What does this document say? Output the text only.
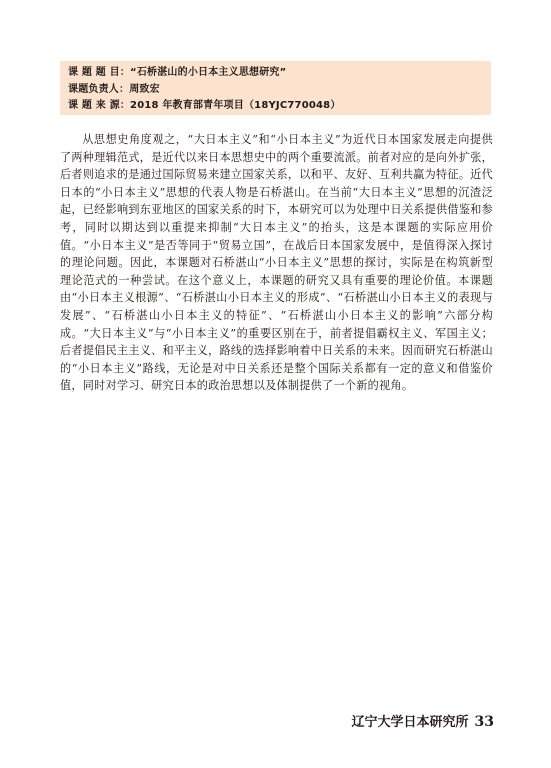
课 题 题 目：“石桥湛山的小日本主义思想研究”
课题负责人：周致宏
课 题 来 源：2018 年教育部青年项目（18YJC770048）
从思想史角度观之，“大日本主义”和“小日本主义”为近代日本国家发展走向提供了两种理辑范式，是近代以来日本思想史中的两个重要流派。前者对应的是向外扩张，后者则追求的是通过国际贸易来建立国家关系，以和平、友好、互利共赢为特征。近代日本的“小日本主义”思想的代表人物是石桥湛山。在当前“大日本主义”思想的沉渣泛起，已经影响到东亚地区的国家关系的时下，本研究可以为处理中日关系提供借鉴和参考，同时以期达到以重提来抑制“大日本主义”的抬头，这是本课题的实际应用价值。“小日本主义”是否等同于“贸易立国”，在战后日本国家发展中，是值得深入探讨的理论问题。因此，本课题对石桥湛山“小日本主义”思想的探讨，实际是在构筑新型理论范式的一种尝试。在这个意义上，本课题的研究又具有重要的理论价值。本课题由“小日本主义根源”、“石桥湛山小日本主义的形成”、“石桥湛山小日本主义的表现与发展”、“石桥湛山小日本主义的特征”、“石桥湛山小日本主义的影响”六部分构成。“大日本主义”与“小日本主义”的重要区别在于，前者提倡霸权主义、军国主义；后者提倡民主主义、和平主义，路线的选择影响着中日关系的未来。因而研究石桥湛山的“小日本主义”路线，无论是对中日关系还是整个国际关系都有一定的意义和借鉴价值，同时对学习、研究日本的政治思想以及体制提供了一个新的视角。
辽宁大学日本研究所 33
